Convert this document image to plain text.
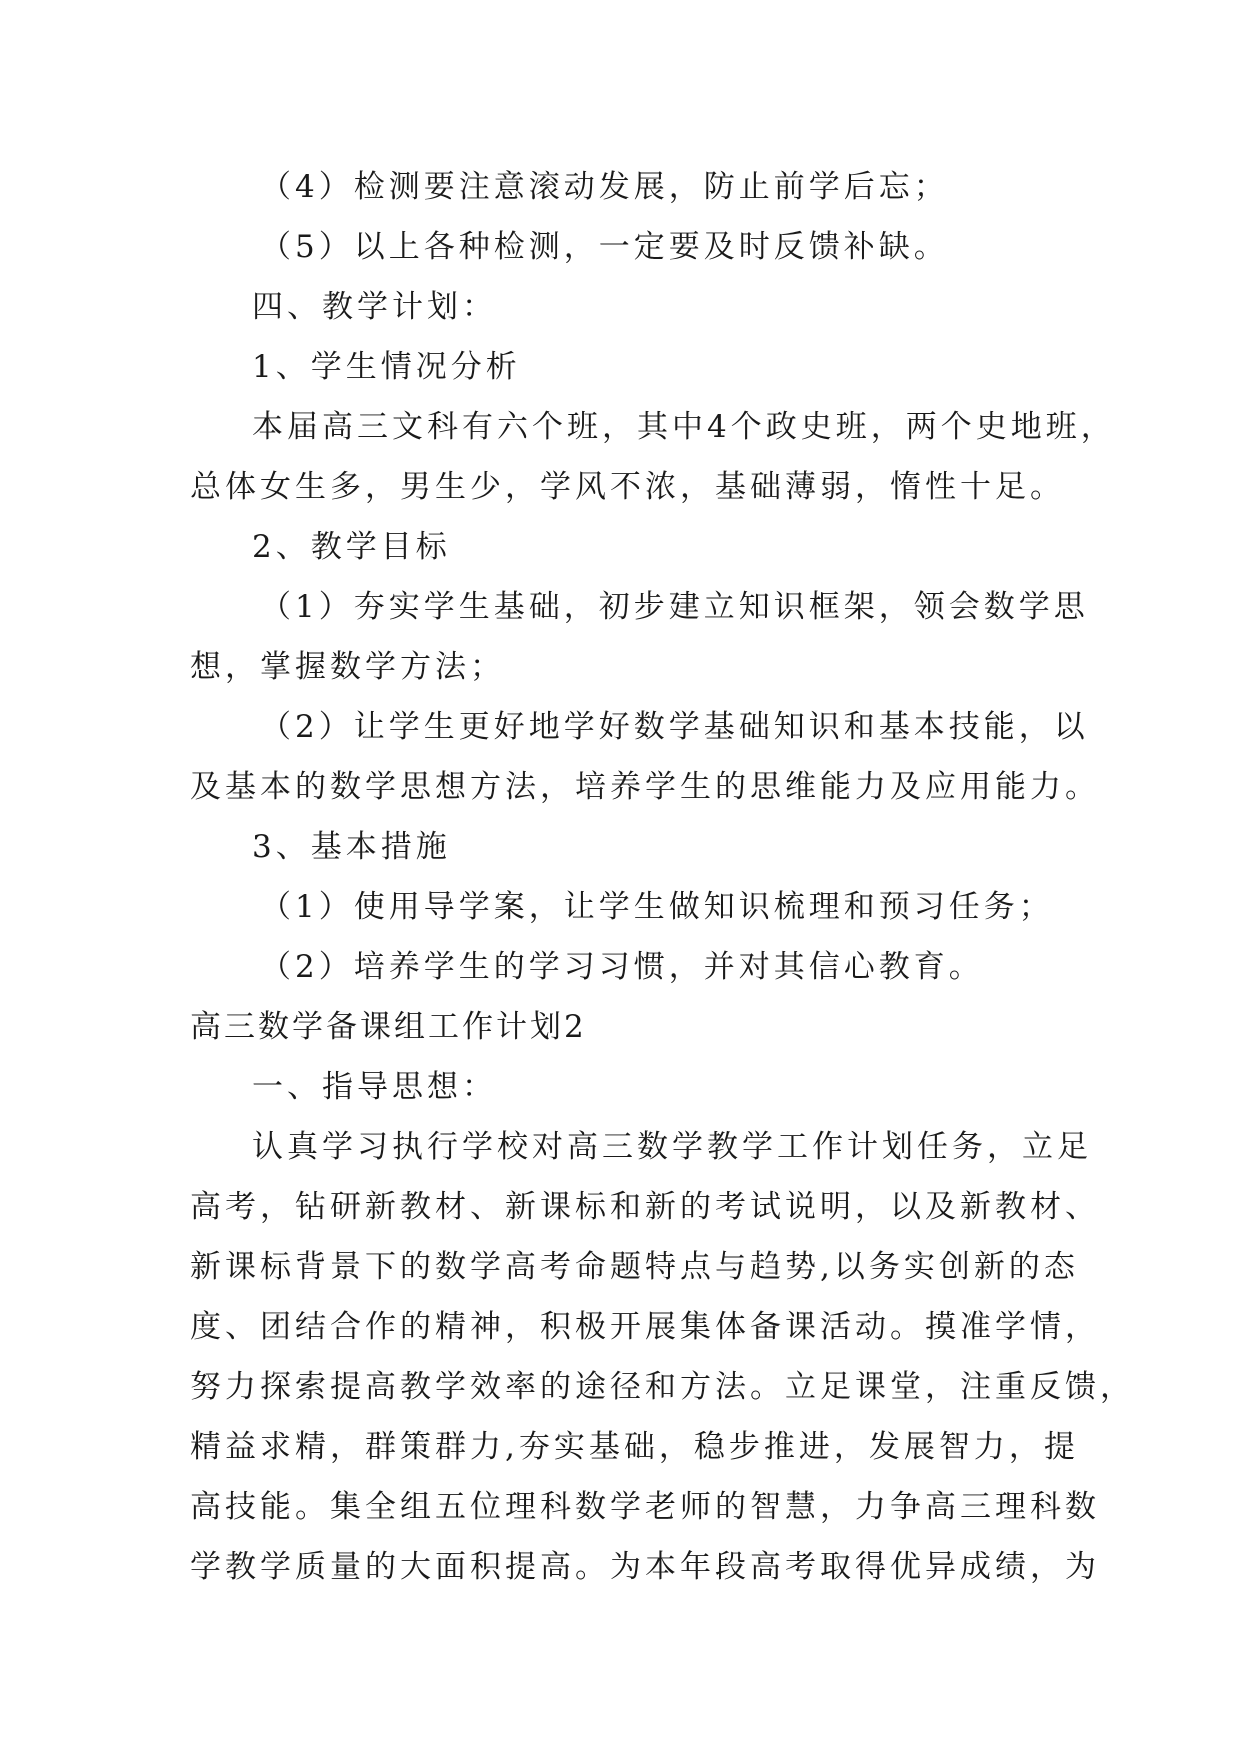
（4）检测要注意滚动发展，防止前学后忘；
（5）以上各种检测，一定要及时反馈补缺。
四、教学计划：
1、学生情况分析
本届高三文科有六个班，其中4个政史班，两个史地班，
总体女生多，男生少，学风不浓，基础薄弱，惰性十足。
2、教学目标
（1）夯实学生基础，初步建立知识框架，领会数学思
想，掌握数学方法；
（2）让学生更好地学好数学基础知识和基本技能，以
及基本的数学思想方法，培养学生的思维能力及应用能力。
3、基本措施
（1）使用导学案，让学生做知识梳理和预习任务；
（2）培养学生的学习习惯，并对其信心教育。
高三数学备课组工作计划2
一、指导思想：
认真学习执行学校对高三数学教学工作计划任务，立足
高考，钻研新教材、新课标和新的考试说明，以及新教材、
新课标背景下的数学高考命题特点与趋势,以务实创新的态
度、团结合作的精神，积极开展集体备课活动。摸准学情，
努力探索提高教学效率的途径和方法。立足课堂，注重反馈，
精益求精，群策群力,夯实基础，稳步推进，发展智力，提
高技能。集全组五位理科数学老师的智慧，力争高三理科数
学教学质量的大面积提高。为本年段高考取得优异成绩，为
